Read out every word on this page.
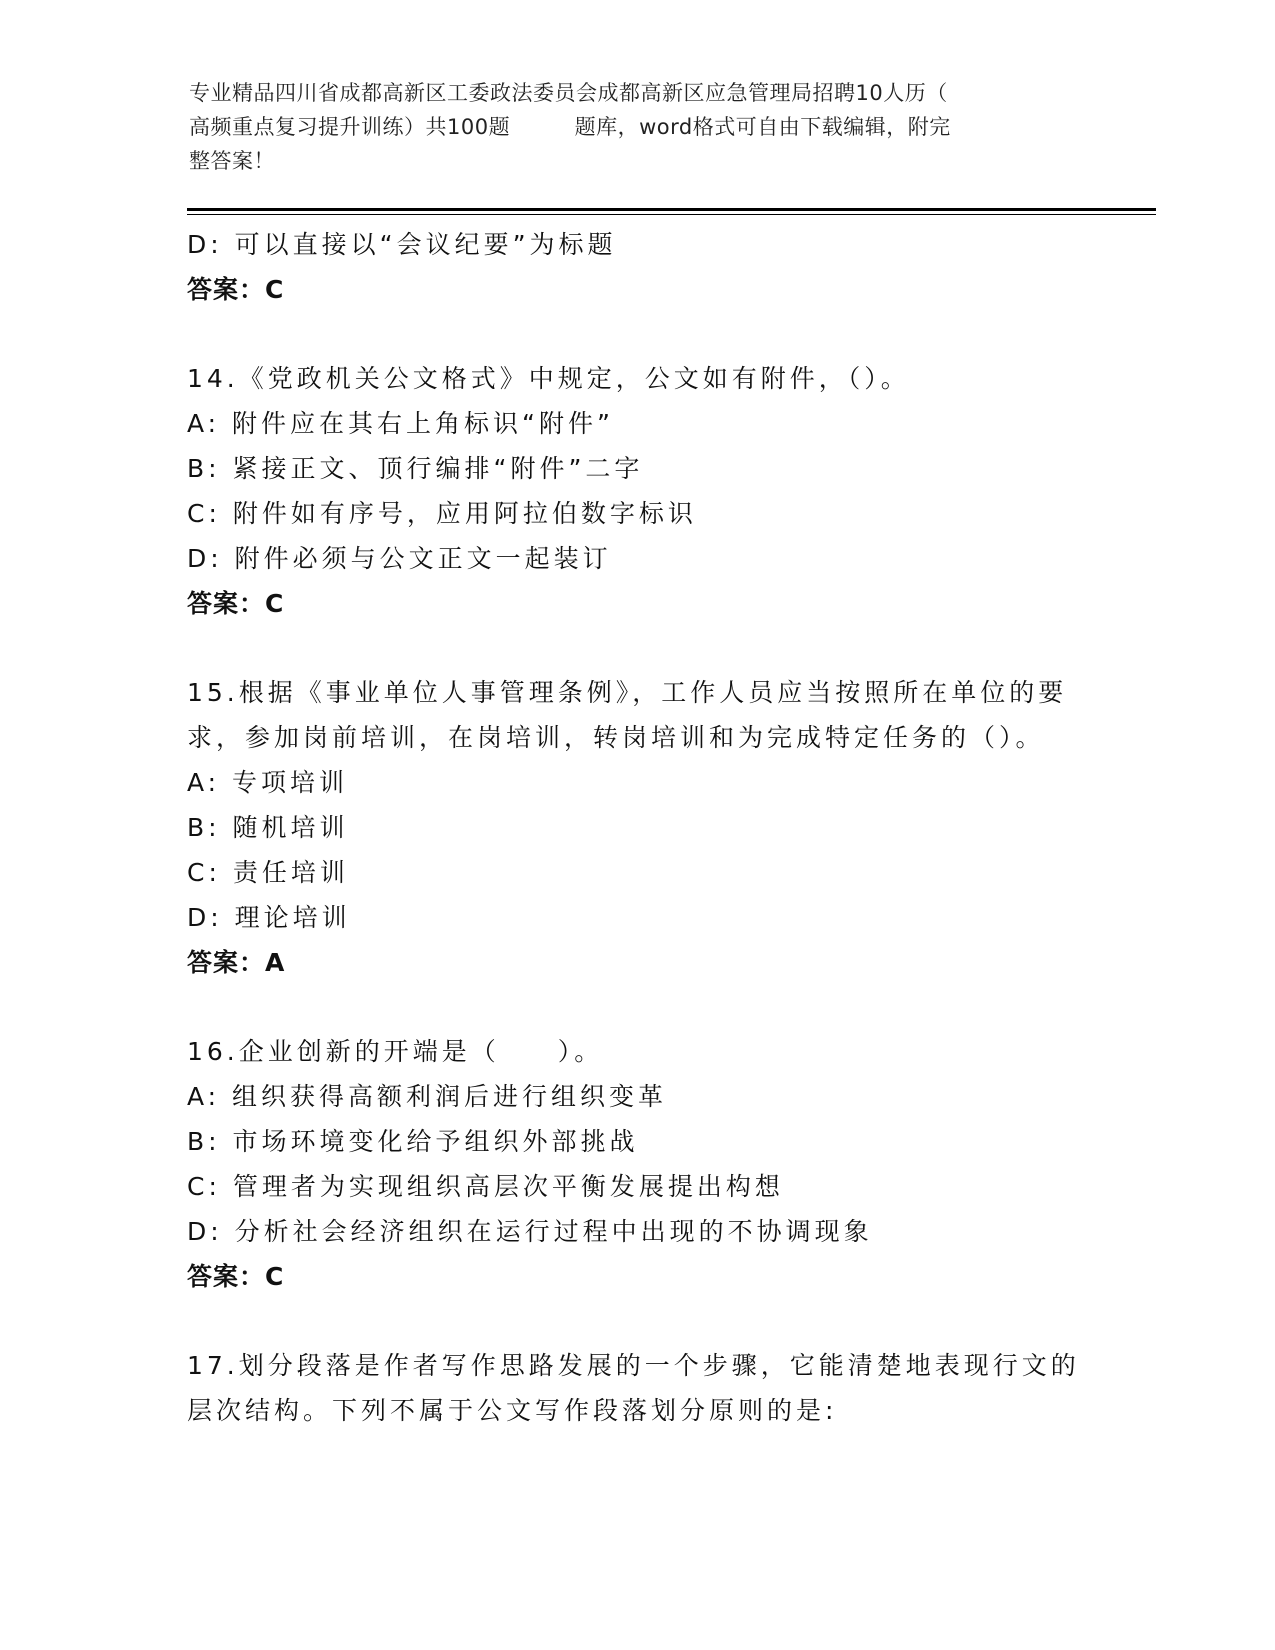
专业精品四川省成都高新区工委政法委员会成都高新区应急管理局招聘10人历（
高频重点复习提升训练）共100题　　　题库，word格式可自由下载编辑，附完
整答案！
D: 可以直接以“会议纪要”为标题
答案：C
14.《党政机关公文格式》中规定，公文如有附件，（）。
A: 附件应在其右上角标识“附件”
B: 紧接正文、顶行编排“附件”二字
C: 附件如有序号，应用阿拉伯数字标识
D: 附件必须与公文正文一起装订
答案：C
15.根据《事业单位人事管理条例》，工作人员应当按照所在单位的要
求，参加岗前培训，在岗培训，转岗培训和为完成特定任务的（）。
A: 专项培训
B: 随机培训
C: 责任培训
D: 理论培训
答案：A
16.企业创新的开端是（　　）。
A: 组织获得高额利润后进行组织变革
B: 市场环境变化给予组织外部挑战
C: 管理者为实现组织高层次平衡发展提出构想
D: 分析社会经济组织在运行过程中出现的不协调现象
答案：C
17.划分段落是作者写作思路发展的一个步骤，它能清楚地表现行文的
层次结构。下列不属于公文写作段落划分原则的是:
